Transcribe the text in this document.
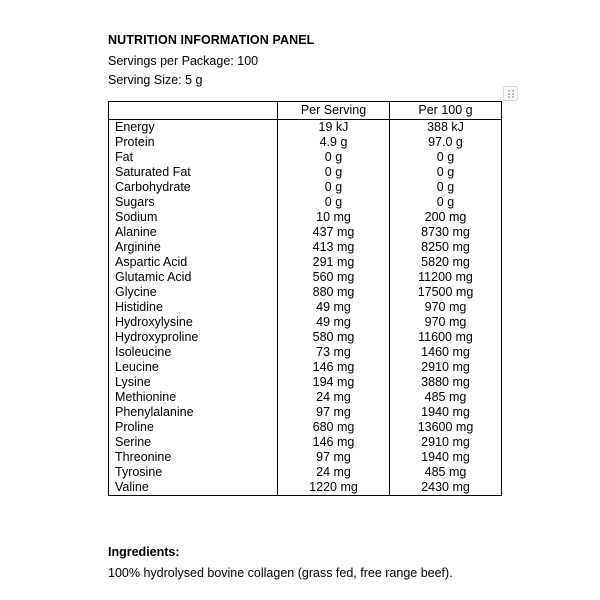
NUTRITION INFORMATION PANEL
Servings per Package: 100
Serving Size: 5 g
	Per Serving	Per 100 g
Energy	19 kJ	388 kJ
Protein	4.9 g	97.0 g
Fat	0 g	0 g
Saturated Fat	0 g	0 g
Carbohydrate	0 g	0 g
Sugars	0 g	0 g
Sodium	10 mg	200 mg
Alanine	437 mg	8730 mg
Arginine	413 mg	8250 mg
Aspartic Acid	291 mg	5820 mg
Glutamic Acid	560 mg	11200 mg
Glycine	880 mg	17500 mg
Histidine	49 mg	970 mg
Hydroxylysine	49 mg	970 mg
Hydroxyproline	580 mg	11600 mg
Isoleucine	73 mg	1460 mg
Leucine	146 mg	2910 mg
Lysine	194 mg	3880 mg
Methionine	24 mg	485 mg
Phenylalanine	97 mg	1940 mg
Proline	680 mg	13600 mg
Serine	146 mg	2910 mg
Threonine	97 mg	1940 mg
Tyrosine	24 mg	485 mg
Valine	1220 mg	2430 mg
Ingredients:
100% hydrolysed bovine collagen (grass fed, free range beef).
